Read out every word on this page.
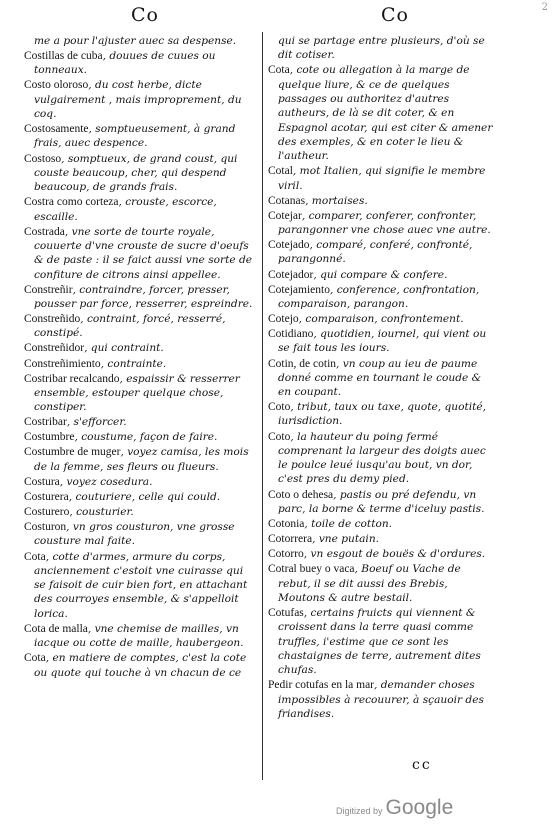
Co	Co	2

me a pour l'ajuster auec sa despense.

Costillas de cuba, douues de cuues ou tonneaux.

Costo oloroso, du cost herbe, dicte vulgairement , mais improprement, du coq.

Costosamente, somptueusement, à grand frais, auec despence.

Costoso, somptueux, de grand coust, qui couste beaucoup, cher, qui despend beaucoup, de grands frais.

Costra como corteza, crouste, escorce, escaille.

Costrada, vne sorte de tourte royale, couuerte d'vne crouste de sucre d'oeufs & de paste : il se faict aussi vne sorte de confiture de citrons ainsi appellee.

Constreñir, contraindre, forcer, presser, pousser par force, resserrer, espreindre.

Constreñido, contraint, forcé, resserré, constipé.

Constreñidor, qui contraint.

Constreñimiento, contrainte.

Costribar recalcando, espaissir & resserrer ensemble, estouper quelque chose, constiper.

Costribar, s'efforcer.

Costumbre, coustume, façon de faire.

Costumbre de muger, voyez camisa, les mois de la femme, ses fleurs ou flueurs.

Costura, voyez cosedura.

Costurera, couturiere, celle qui could.

Costurero, cousturier.

Costuron, vn gros cousturon, vne grosse cousture mal faite.

Cota, cotte d'armes, armure du corps, anciennement c'estoit vne cuirasse qui se faisoit de cuir bien fort, en attachant des courroyes ensemble, & s'appelloit lorica.

Cota de malla, vne chemise de mailles, vn iacque ou cotte de maille, haubergeon.

Cota, en matiere de comptes, c'est la cote ou quote qui touche à vn chacun de ce

qui se partage entre plusieurs, d'où se dit cotiser.

Cota, cote ou allegation à la marge de quelque liure, & ce de quelques passages ou authoritez d'autres autheurs, de là se dit coter, & en Espagnol acotar, qui est citer & amener des exemples, & en coter le lieu & l'autheur.

Cotal, mot Italien, qui signifie le membre viril.

Cotanas, mortaises.

Cotejar, comparer, conferer, confronter, parangonner vne chose auec vne autre.

Cotejado, comparé, conferé, confronté, parangonné.

Cotejador, qui compare & confere.

Cotejamiento, conference, confrontation, comparaison, parangon.

Cotejo, comparaison, confrontement.

Cotidiano, quotidien, iournel, qui vient ou se fait tous les iours.

Cotin, de cotin, vn coup au ieu de paume donné comme en tournant le coude & en coupant.

Coto, tribut, taux ou taxe, quote, quotité, iurisdiction.

Coto, la hauteur du poing fermé comprenant la largeur des doigts auec le poulce leué iusqu'au bout, vn dor, c'est pres du demy pied.

Coto o dehesa, pastis ou pré defendu, vn parc, la borne & terme d'iceluy pastis.

Cotonia, toile de cotton.

Cotorrera, vne putain.

Cotorro, vn esgout de bouës & d'ordures.

Cotral buey o vaca, Boeuf ou Vache de rebut, il se dit aussi des Brebis, Moutons & autre bestail.

Cotufas, certains fruicts qui viennent & croissent dans la terre quasi comme truffles, i'estime que ce sont les chastaignes de terre, autrement dites chufas.

Pedir cotufas en la mar, demander choses impossibles à recouurer, à sçauoir des friandises.

cc
Digitized by Google
